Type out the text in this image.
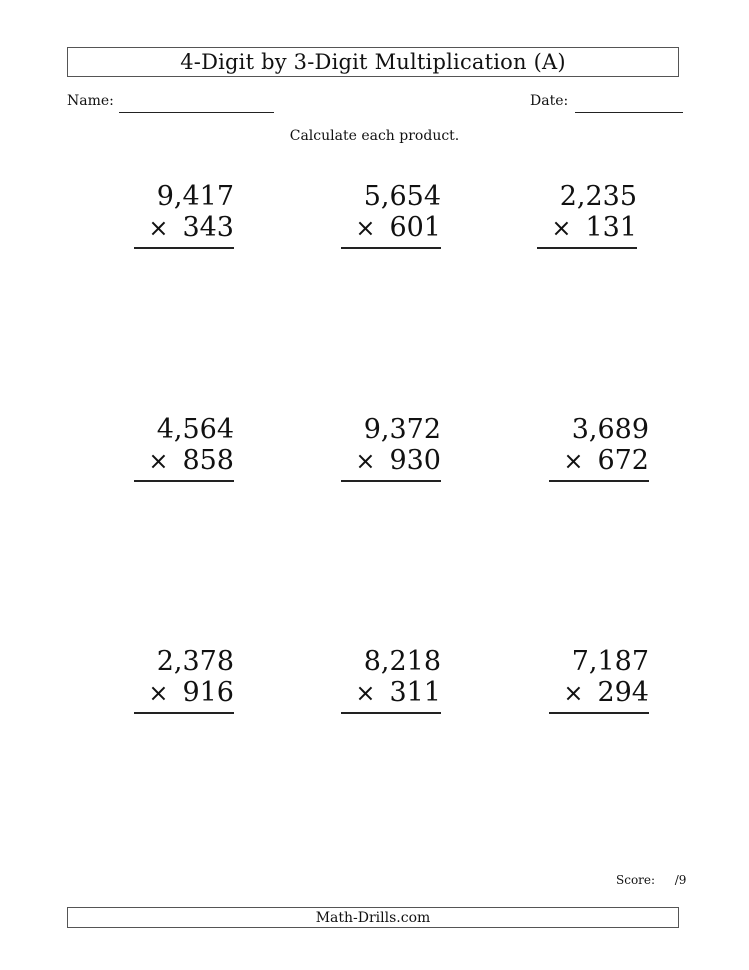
4-Digit by 3-Digit Multiplication (A)
Name:	Date:
Calculate each product.
9,417
× 343
5,654
× 601
2,235
× 131
4,564
× 858
9,372
× 930
3,689
× 672
2,378
× 916
8,218
× 311
7,187
× 294
Score: /9
Math-Drills.com
